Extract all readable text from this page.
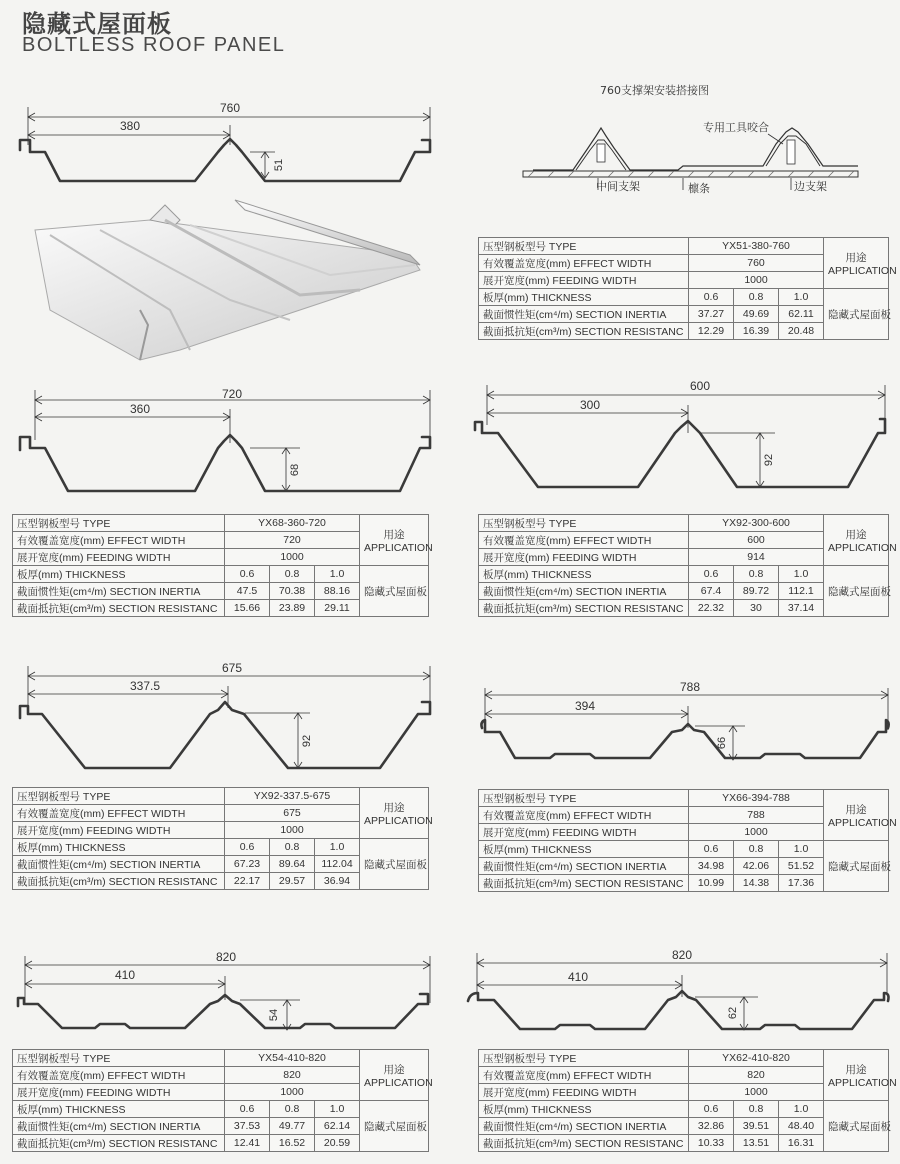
隐藏式屋面板
BOLTLESS ROOF PANEL
760
380
51
760支撑架安装搭接图
专用工具咬合
中间支架	檩条	边支架
压型钢板型号 TYPE	YX51-380-760			用途
APPLICATION

有效覆盖宽度(mm) EFFECT WIDTH	760			
展开宽度(mm) FEEDING WIDTH	1000			
板厚(mm) THICKNESS	0.6	0.8	1.0	隐藏式屋面板
截面惯性矩(cm⁴/m) SECTION INERTIA	37.27	49.69	62.11	
截面抵抗矩(cm³/m) SECTION RESISTANC	12.29	16.39	20.48	
720
360
68
600
300
92
压型钢板型号 TYPE	YX68-360-720			用途
APPLICATION

有效覆盖宽度(mm) EFFECT WIDTH	720			
展开宽度(mm) FEEDING WIDTH	1000			
板厚(mm) THICKNESS	0.6	0.8	1.0	隐藏式屋面板
截面惯性矩(cm⁴/m) SECTION INERTIA	47.5	70.38	88.16	
截面抵抗矩(cm³/m) SECTION RESISTANC	15.66	23.89	29.11	
压型钢板型号 TYPE	YX92-300-600			用途
APPLICATION

有效覆盖宽度(mm) EFFECT WIDTH	600			
展开宽度(mm) FEEDING WIDTH	914			
板厚(mm) THICKNESS	0.6	0.8	1.0	隐藏式屋面板
截面惯性矩(cm⁴/m) SECTION INERTIA	67.4	89.72	112.1	
截面抵抗矩(cm³/m) SECTION RESISTANC	22.32	30	37.14	
675
337.5
92
788
394
66
压型钢板型号 TYPE	YX92-337.5-675			用途
APPLICATION

有效覆盖宽度(mm) EFFECT WIDTH	675			
展开宽度(mm) FEEDING WIDTH	1000			
板厚(mm) THICKNESS	0.6	0.8	1.0	隐藏式屋面板
截面惯性矩(cm⁴/m) SECTION INERTIA	67.23	89.64	112.04	
截面抵抗矩(cm³/m) SECTION RESISTANC	22.17	29.57	36.94	
压型钢板型号 TYPE	YX66-394-788			用途
APPLICATION

有效覆盖宽度(mm) EFFECT WIDTH	788			
展开宽度(mm) FEEDING WIDTH	1000			
板厚(mm) THICKNESS	0.6	0.8	1.0	隐藏式屋面板
截面惯性矩(cm⁴/m) SECTION INERTIA	34.98	42.06	51.52	
截面抵抗矩(cm³/m) SECTION RESISTANC	10.99	14.38	17.36	
820
410
54
820
410
62
压型钢板型号 TYPE	YX54-410-820			用途
APPLICATION

有效覆盖宽度(mm) EFFECT WIDTH	820			
展开宽度(mm) FEEDING WIDTH	1000			
板厚(mm) THICKNESS	0.6	0.8	1.0	隐藏式屋面板
截面惯性矩(cm⁴/m) SECTION INERTIA	37.53	49.77	62.14	
截面抵抗矩(cm³/m) SECTION RESISTANC	12.41	16.52	20.59	
压型钢板型号 TYPE	YX62-410-820			用途
APPLICATION

有效覆盖宽度(mm) EFFECT WIDTH	820			
展开宽度(mm) FEEDING WIDTH	1000			
板厚(mm) THICKNESS	0.6	0.8	1.0	隐藏式屋面板
截面惯性矩(cm⁴/m) SECTION INERTIA	32.86	39.51	48.40	
截面抵抗矩(cm³/m) SECTION RESISTANC	10.33	13.51	16.31	
